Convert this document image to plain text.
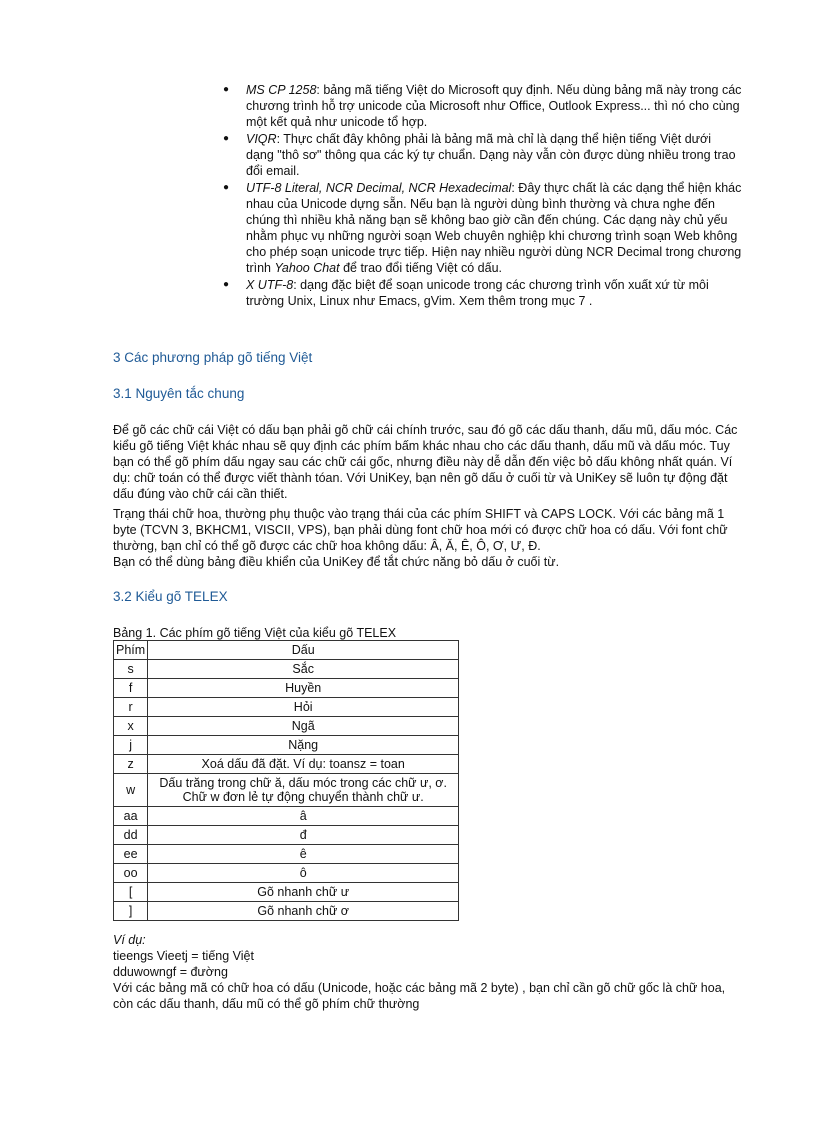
● MS CP 1258: bảng mã tiếng Việt do Microsoft quy định. Nếu dùng bảng mã này trong các chương trình hỗ trợ unicode của Microsoft như Office, Outlook Express... thì nó cho cùng một kết quả như unicode tổ hợp.
● VIQR: Thực chất đây không phải là bảng mã mà chỉ là dạng thể hiện tiếng Việt dưới dạng "thô sơ" thông qua các ký tự chuẩn. Dạng này vẫn còn được dùng nhiều trong trao đổi email.
● UTF-8 Literal, NCR Decimal, NCR Hexadecimal: Đây thực chất là các dạng thể hiện khác nhau của Unicode dựng sẵn. Nếu bạn là người dùng bình thường và chưa nghe đến chúng thì nhiều khả năng bạn sẽ không bao giờ cần đến chúng. Các dạng này chủ yếu nhằm phục vụ những người soạn Web chuyên nghiệp khi chương trình soạn Web không cho phép soạn unicode trực tiếp. Hiện nay nhiều người dùng NCR Decimal trong chương trình Yahoo Chat để trao đổi tiếng Việt có dấu.
● X UTF-8: dạng đặc biệt để soạn unicode trong các chương trình vốn xuất xứ từ môi trường Unix, Linux như Emacs, gVim. Xem thêm trong mục 7 .
3 Các phương pháp gõ tiếng Việt
3.1 Nguyên tắc chung

Để gõ các chữ cái Việt có dấu bạn phải gõ chữ cái chính trước, sau đó gõ các dấu thanh, dấu mũ, dấu móc. Các kiểu gõ tiếng Việt khác nhau sẽ quy định các phím bấm khác nhau cho các dấu thanh, dấu mũ và dấu móc. Tuy bạn có thể gõ phím dấu ngay sau các chữ cái gốc, nhưng điều này dễ dẫn đến việc bỏ dấu không nhất quán. Ví dụ: chữ toán có thể được viết thành tóan. Với UniKey, bạn nên gõ dấu ở cuối từ và UniKey sẽ luôn tự động đặt dấu đúng vào chữ cái cần thiết.

Trạng thái chữ hoa, thường phụ thuộc vào trạng thái của các phím SHIFT và CAPS LOCK. Với các bảng mã 1 byte (TCVN 3, BKHCM1, VISCII, VPS), bạn phải dùng font chữ hoa mới có được chữ hoa có dấu. Với font chữ thường, bạn chỉ có thể gõ được các chữ hoa không dấu: Â, Ă, Ê, Ô, Ơ, Ư, Đ.

Bạn có thể dùng bảng điều khiển của UniKey để tắt chức năng bỏ dấu ở cuối từ.

3.2 Kiểu gõ TELEX

Bảng 1. Các phím gõ tiếng Việt của kiểu gõ TELEX

Phím	Dấu
s	Sắc
f	Huyền
r	Hỏi
x	Ngã
j	Nặng
z	Xoá dấu đã đặt. Ví dụ: toansz = toan
w	Dấu trăng trong chữ ă, dấu móc trong các chữ ư, ơ. Chữ w đơn lẻ tự động chuyển thành chữ ư.
aa	â
dd	đ
ee	ê
oo	ô
[	Gõ nhanh chữ ư
]	Gõ nhanh chữ ơ
Ví dụ:
tieengs Vieetj = tiếng Việt
dduwowngf = đường
Với các bảng mã có chữ hoa có dấu (Unicode, hoặc các bảng mã 2 byte) , bạn chỉ cần gõ chữ gốc là chữ hoa, còn các dấu thanh, dấu mũ có thể gõ phím chữ thường
